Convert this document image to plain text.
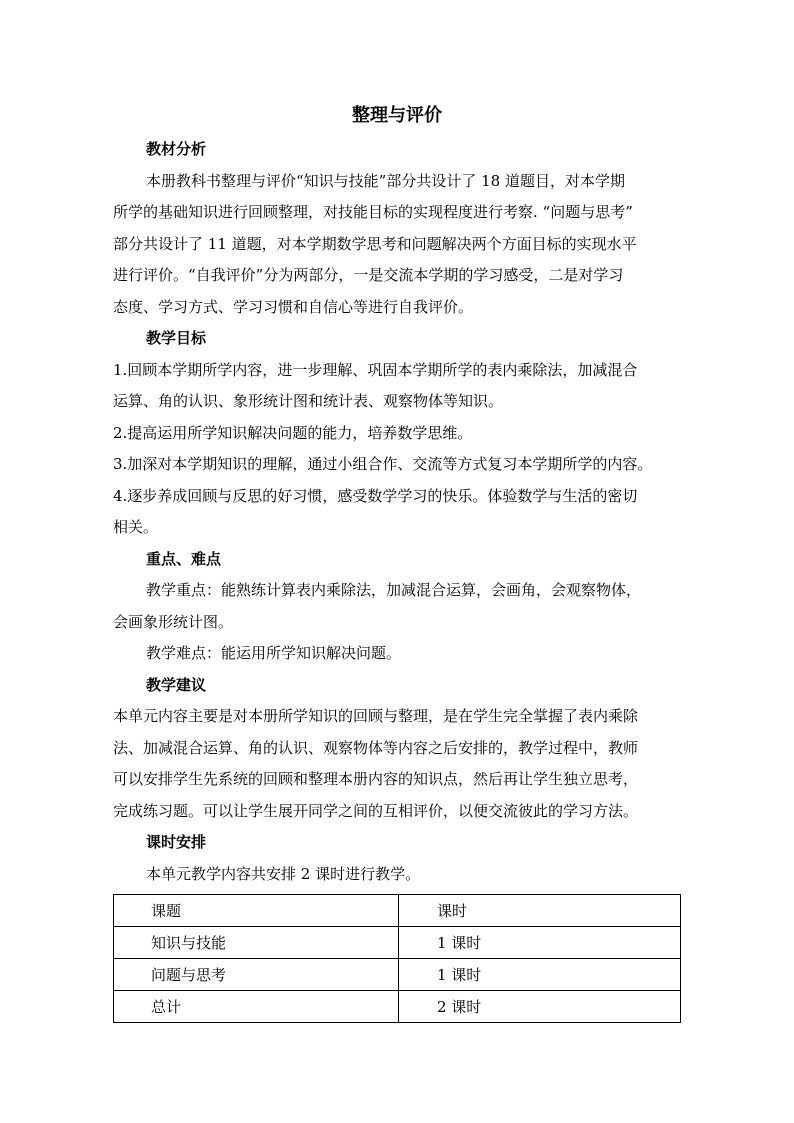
整理与评价
教材分析
本册教科书整理与评价“知识与技能”部分共设计了 18 道题目，对本学期
所学的基础知识进行回顾整理，对技能目标的实现程度进行考察. “问题与思考”
部分共设计了 11 道题，对本学期数学思考和问题解决两个方面目标的实现水平
进行评价。“自我评价”分为两部分，一是交流本学期的学习感受，二是对学习
态度、学习方式、学习习惯和自信心等进行自我评价。
教学目标
1.回顾本学期所学内容，进一步理解、巩固本学期所学的表内乘除法，加减混合
运算、角的认识、象形统计图和统计表、观察物体等知识。
2.提高运用所学知识解决问题的能力，培养数学思维。
3.加深对本学期知识的理解，通过小组合作、交流等方式复习本学期所学的内容。
4.逐步养成回顾与反思的好习惯，感受数学学习的快乐。体验数学与生活的密切
相关。
重点、难点
教学重点：能熟练计算表内乘除法，加减混合运算，会画角，会观察物体，
会画象形统计图。
教学难点：能运用所学知识解决问题。
教学建议
本单元内容主要是对本册所学知识的回顾与整理，是在学生完全掌握了表内乘除
法、加减混合运算、角的认识、观察物体等内容之后安排的，教学过程中，教师
可以安排学生先系统的回顾和整理本册内容的知识点，然后再让学生独立思考，
完成练习题。可以让学生展开同学之间的互相评价，以便交流彼此的学习方法。
课时安排
本单元教学内容共安排 2 课时进行教学。
课题	课时
知识与技能	1 课时
问题与思考	1 课时
总计	2 课时
